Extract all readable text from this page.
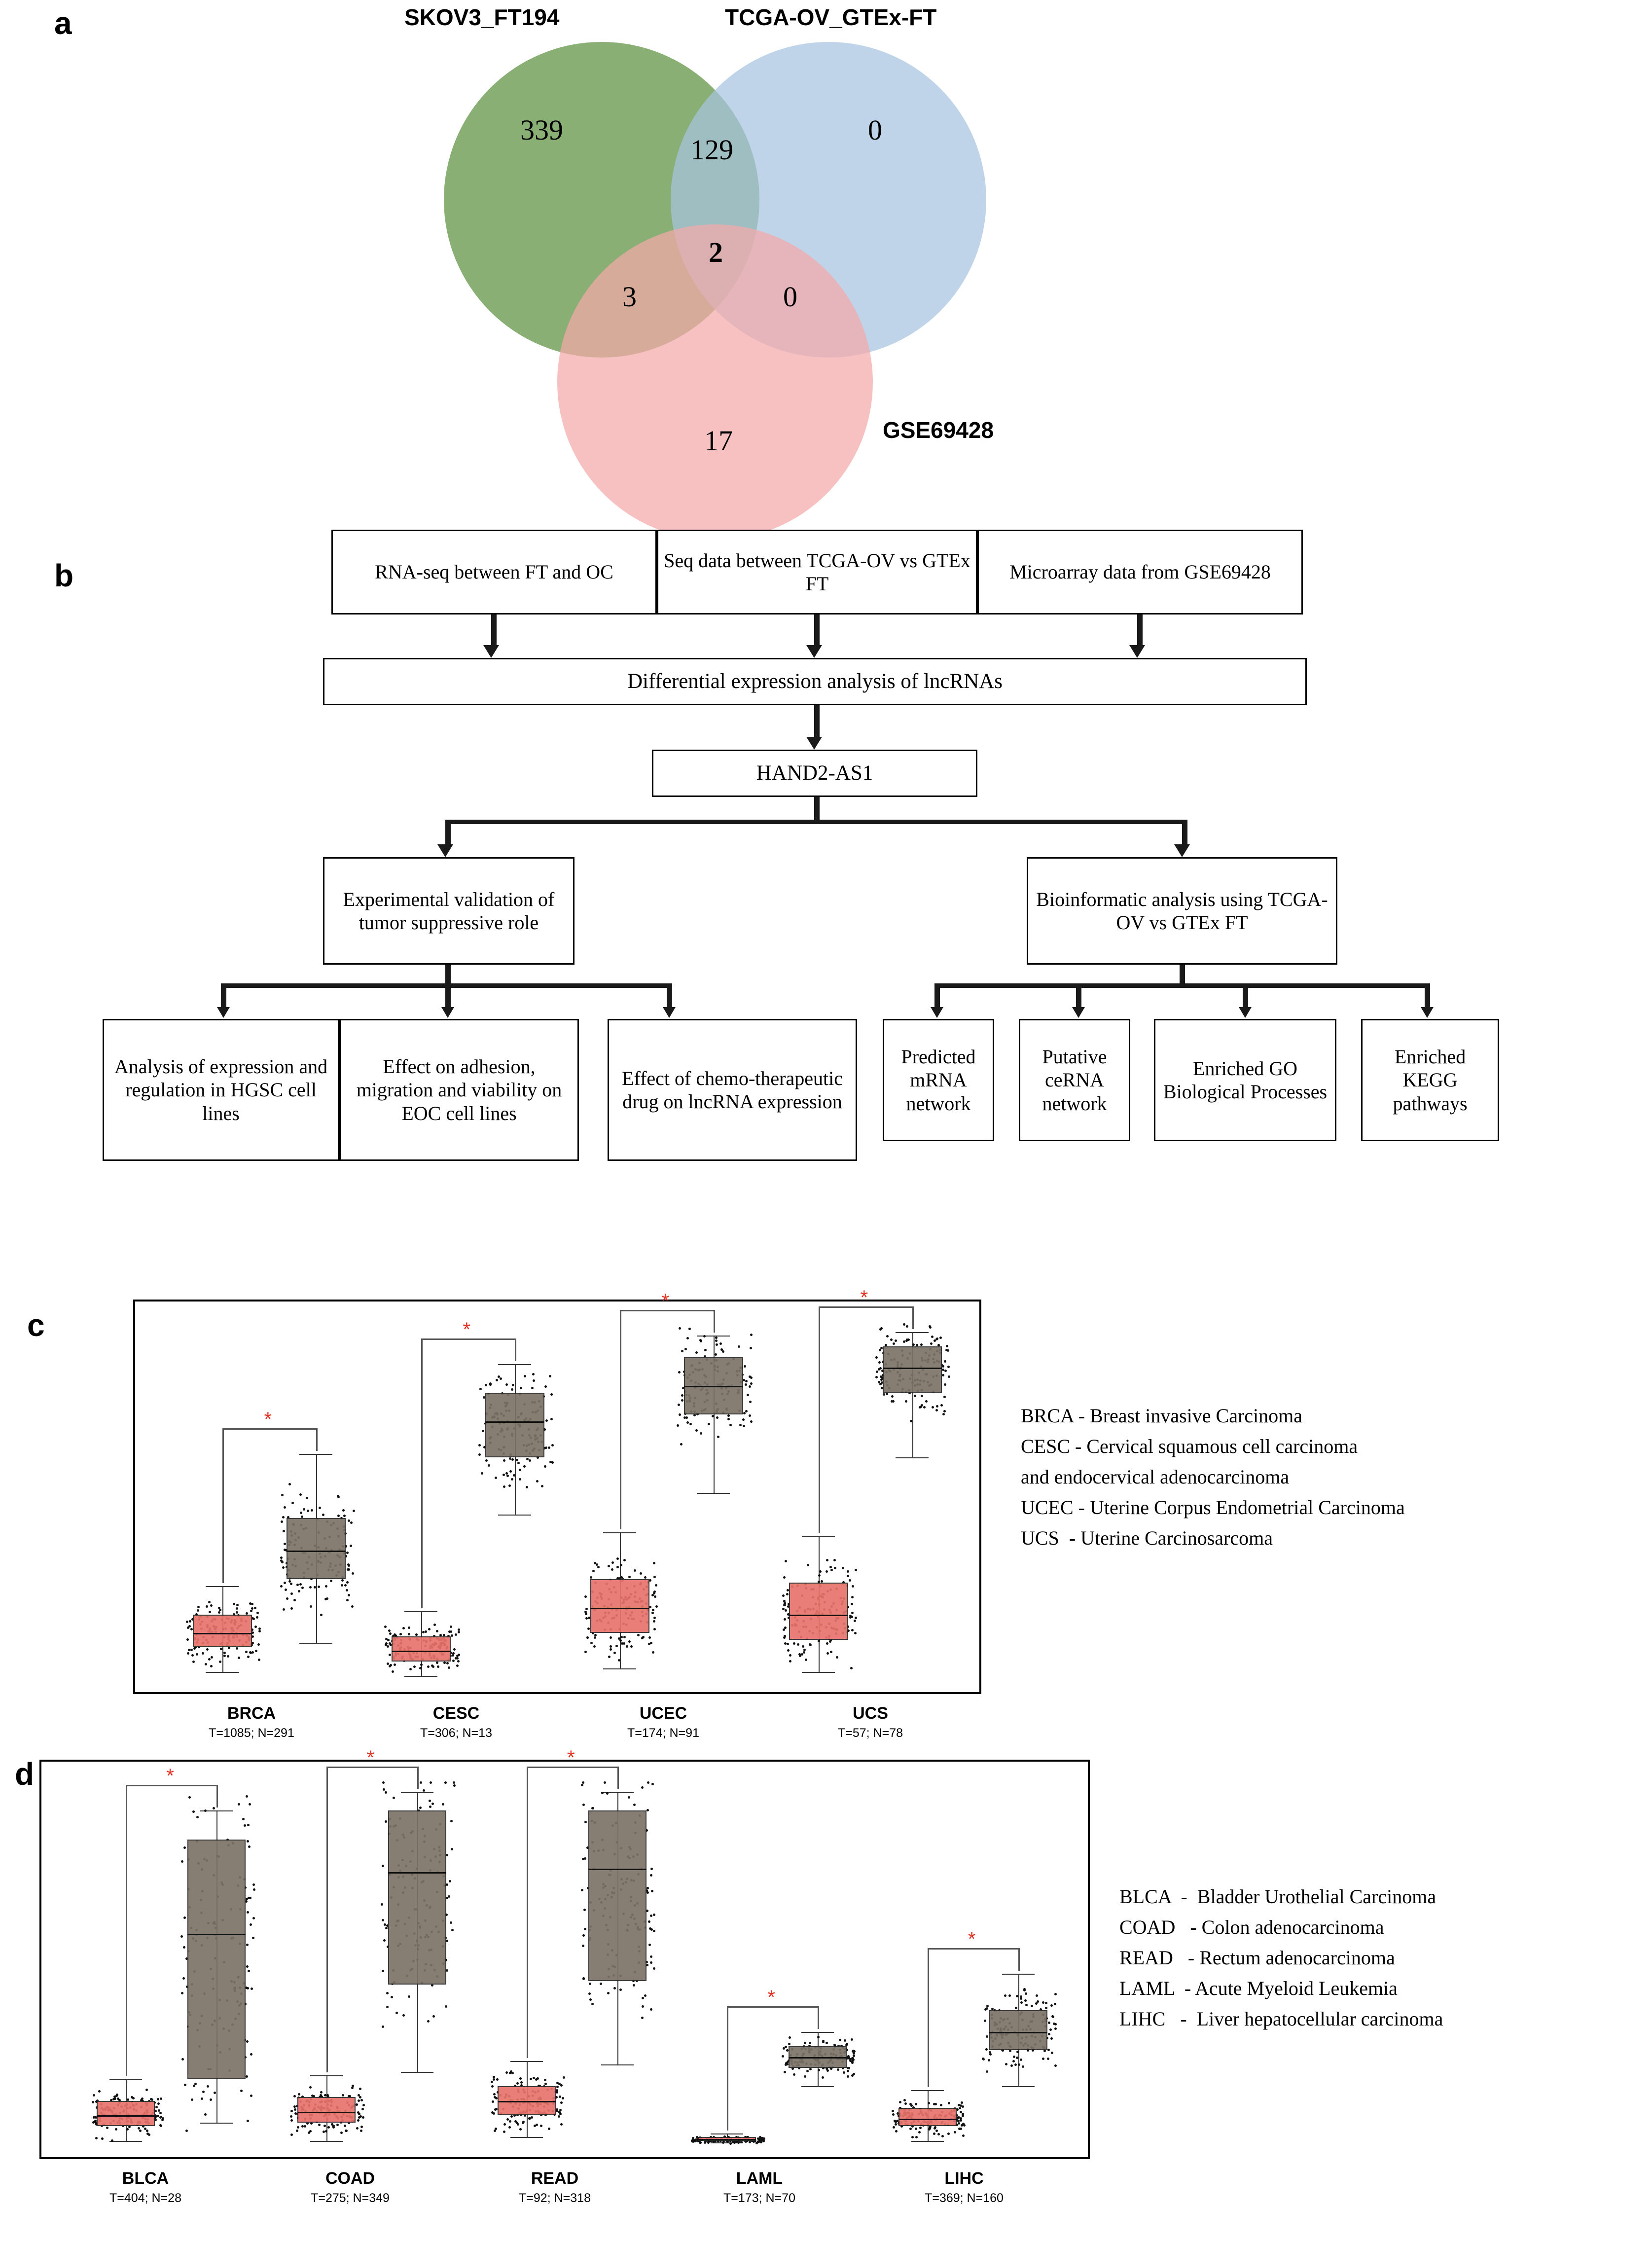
a	SKOV3_FT194	TCGA-OV_GTEx-FT
GSE69428
339
129
0
2
3	0
17
b	RNA-seq between FT and OC
Seq data between TCGA-OV vs GTEx FT
Microarray data from GSE69428
Differential expression analysis of lncRNAs
HAND2-AS1
Experimental validation of tumor suppressive role
Bioinformatic analysis using TCGA-OV vs GTEx FT
Analysis of expression and regulation in HGSC cell lines
Effect on adhesion, migration and viability on EOC cell lines
Effect of chemo-therapeutic drug on lncRNA expression
Predicted mRNA network
Putative ceRNA network
Enriched GO Biological Processes
Enriched KEGG pathways
c
*
*
*	*
BRCA
T=1085; N=291
CESC
T=306; N=13
UCEC
T=174; N=91
UCS
T=57; N=78
BRCA - Breast invasive Carcinoma
CESC - Cervical squamous cell carcinoma
and endocervical adenocarcinoma
UCEC - Uterine Corpus Endometrial Carcinoma
UCS  - Uterine Carcinosarcoma
d	*
*	*
*
*
BLCA
T=404; N=28
COAD
T=275; N=349
READ
T=92; N=318
LAML
T=173; N=70
LIHC
T=369; N=160
BLCA  -  Bladder Urothelial Carcinoma
COAD   - Colon adenocarcinoma
READ   - Rectum adenocarcinoma
LAML  - Acute Myeloid Leukemia
LIHC   -  Liver hepatocellular carcinoma
